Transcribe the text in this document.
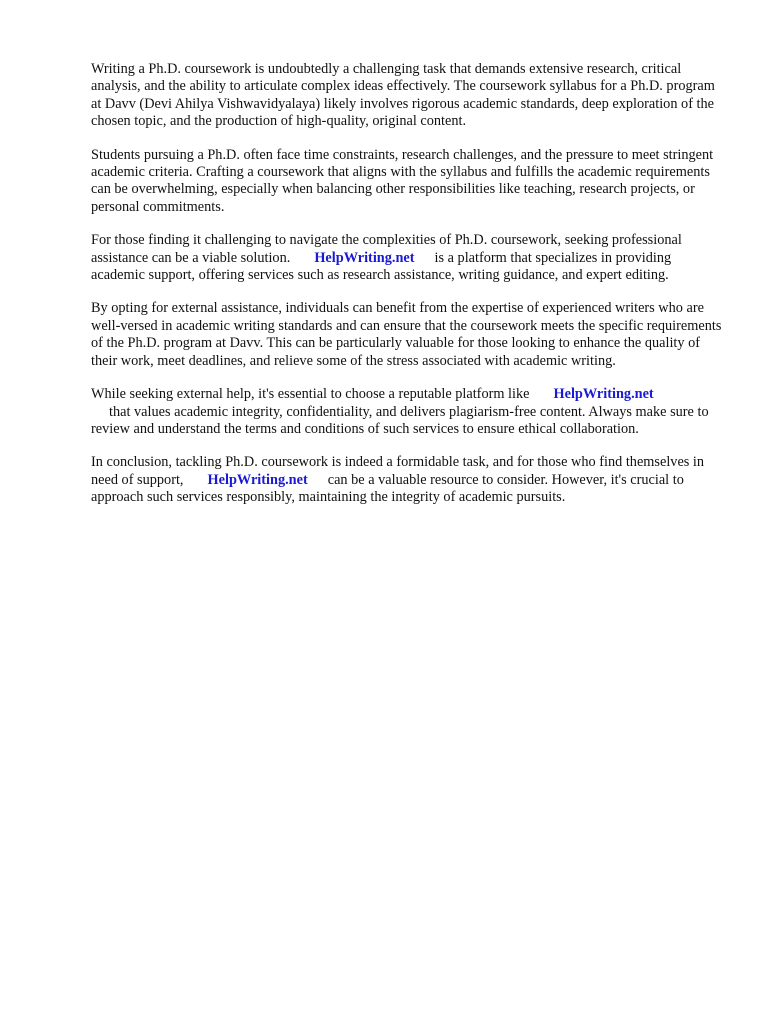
Writing a Ph.D. coursework is undoubtedly a challenging task that demands extensive research, critical analysis, and the ability to articulate complex ideas effectively. The coursework syllabus for a Ph.D. program at Davv (Devi Ahilya Vishwavidyalaya) likely involves rigorous academic standards, deep exploration of the chosen topic, and the production of high-quality, original content.

Students pursuing a Ph.D. often face time constraints, research challenges, and the pressure to meet stringent academic criteria. Crafting a coursework that aligns with the syllabus and fulfills the academic requirements can be overwhelming, especially when balancing other responsibilities like teaching, research projects, or personal commitments.

For those finding it challenging to navigate the complexities of Ph.D. coursework, seeking professional assistance can be a viable solution. HelpWriting.net is a platform that specializes in providing academic support, offering services such as research assistance, writing guidance, and expert editing.

By opting for external assistance, individuals can benefit from the expertise of experienced writers who are well-versed in academic writing standards and can ensure that the coursework meets the specific requirements of the Ph.D. program at Davv. This can be particularly valuable for those looking to enhance the quality of their work, meet deadlines, and relieve some of the stress associated with academic writing.

While seeking external help, it's essential to choose a reputable platform like HelpWriting.net
that values academic integrity, confidentiality, and delivers plagiarism-free content. Always make sure to review and understand the terms and conditions of such services to ensure ethical collaboration.

In conclusion, tackling Ph.D. coursework is indeed a formidable task, and for those who find themselves in need of support, HelpWriting.net can be a valuable resource to consider. However, it's crucial to approach such services responsibly, maintaining the integrity of academic pursuits.
